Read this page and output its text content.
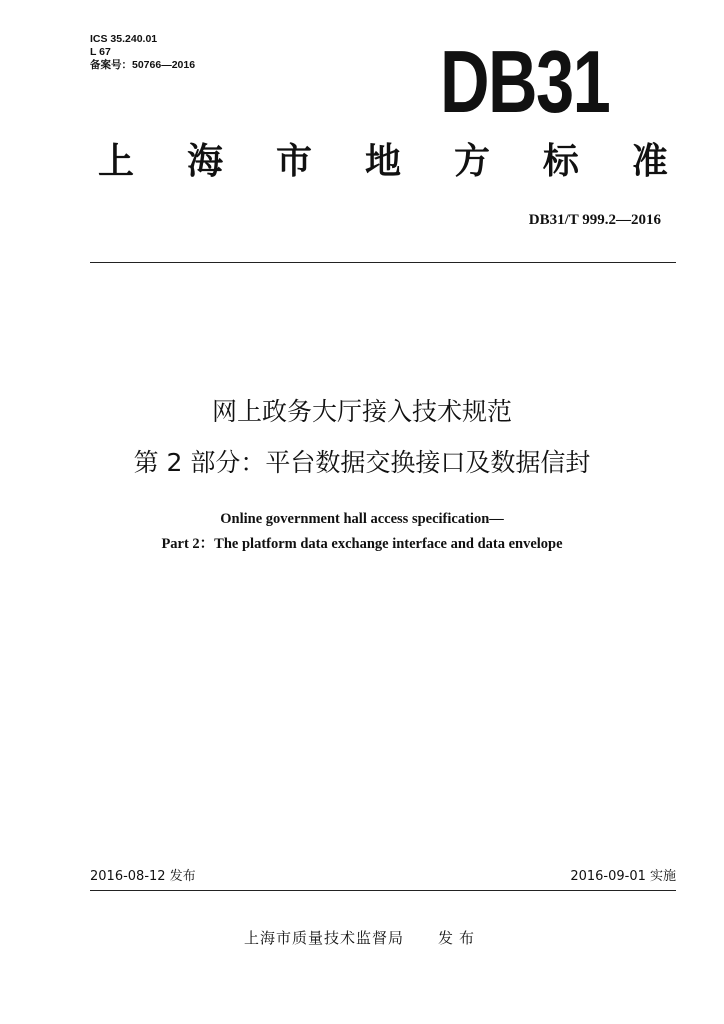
ICS 35.240.01
L 67
备案号：50766—2016	DB31
上 海 市 地 方 标 准
DB31/T 999.2—2016
网上政务大厅接入技术规范
第 2 部分：平台数据交换接口及数据信封
Online government hall access specification—
Part 2：The platform data exchange interface and data envelope
2016-08-12 发布	2016-09-01 实施
上海市质量技术监督局 发布
